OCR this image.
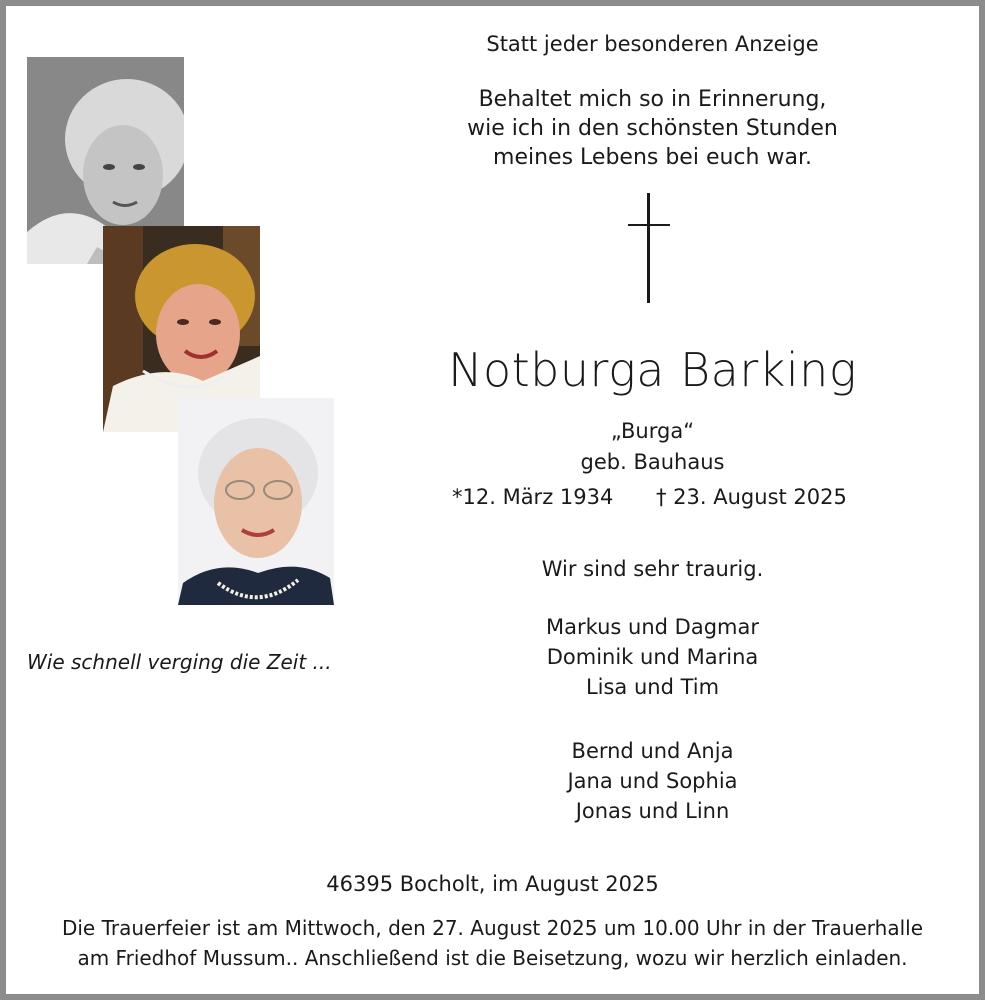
Wie schnell verging die Zeit ...
Statt jeder besonderen Anzeige
Behaltet mich so in Erinnerung,
wie ich in den schönsten Stunden
meines Lebens bei euch war.
Notburga Barking
„Burga“
geb. Bauhaus
*12. März 1934 † 23. August 2025
Wir sind sehr traurig.
Markus und Dagmar
Dominik und Marina
Lisa und Tim
Bernd und Anja
Jana und Sophia
Jonas und Linn
46395 Bocholt, im August 2025
Die Trauerfeier ist am Mittwoch, den 27. August 2025 um 10.00 Uhr in der Trauerhalle
am Friedhof Mussum.. Anschließend ist die Beisetzung, wozu wir herzlich einladen.
